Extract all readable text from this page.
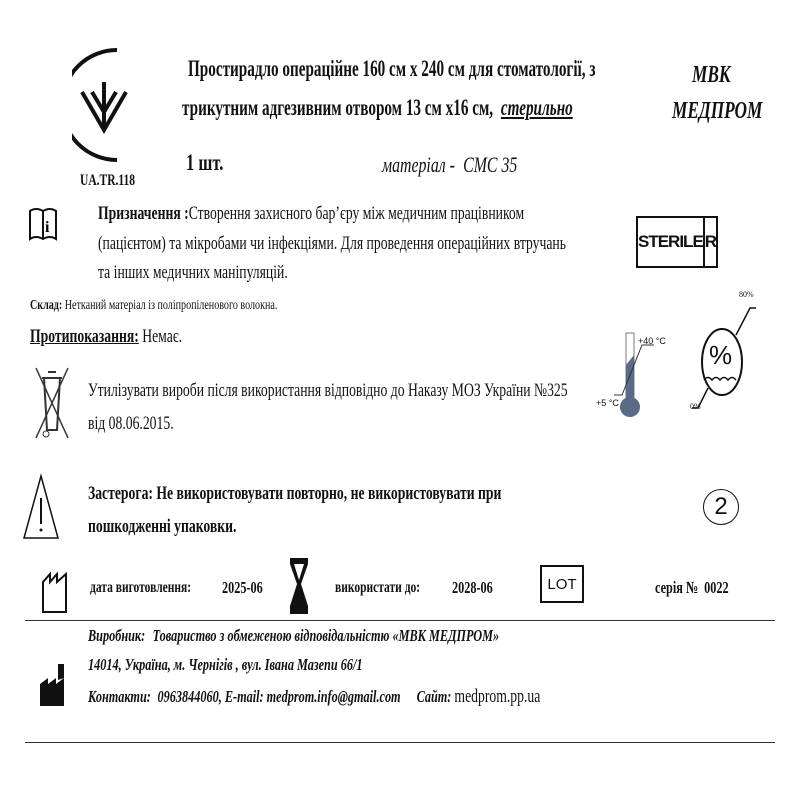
UA.TR.118
Простирадло операційне 160 см х 240 см для стоматології, з
трикутним адгезивним отвором 13 см х16 см, стерильно
1 шт.	матеріал - СМС 35
МВК
МЕДПРОМ
i
Призначення :Створення захисного бар’єру між медичним працівником
(пацієнтом) та мікробами чи інфекціями. Для проведення операційних втручань
та інших медичних маніпуляцій.
STERILE R
Склад: Нетканий матеріал із поліпропіленового волокна.
Протипоказання: Немає.
Утилізувати вироби після використання відповідно до Наказу МОЗ України №325
від 08.06.2015.
+40 °C
+5 °C
%
80%
0%
Застерога: Не використовувати повторно, не використовувати при
пошкодженні упаковки.
2
дата виготовлення: 2025-06	використати до: 2028-06	LOT	серія № 0022
Виробник: Товариство з обмеженою відповідальністю «МВК МЕДПРОМ»
14014, Україна, м. Чернігів , вул. Івана Мазепи 66/1
Контакти: 0963844060, E-mail: medprom.info@gmail.com Сайт: medprom.pp.ua
